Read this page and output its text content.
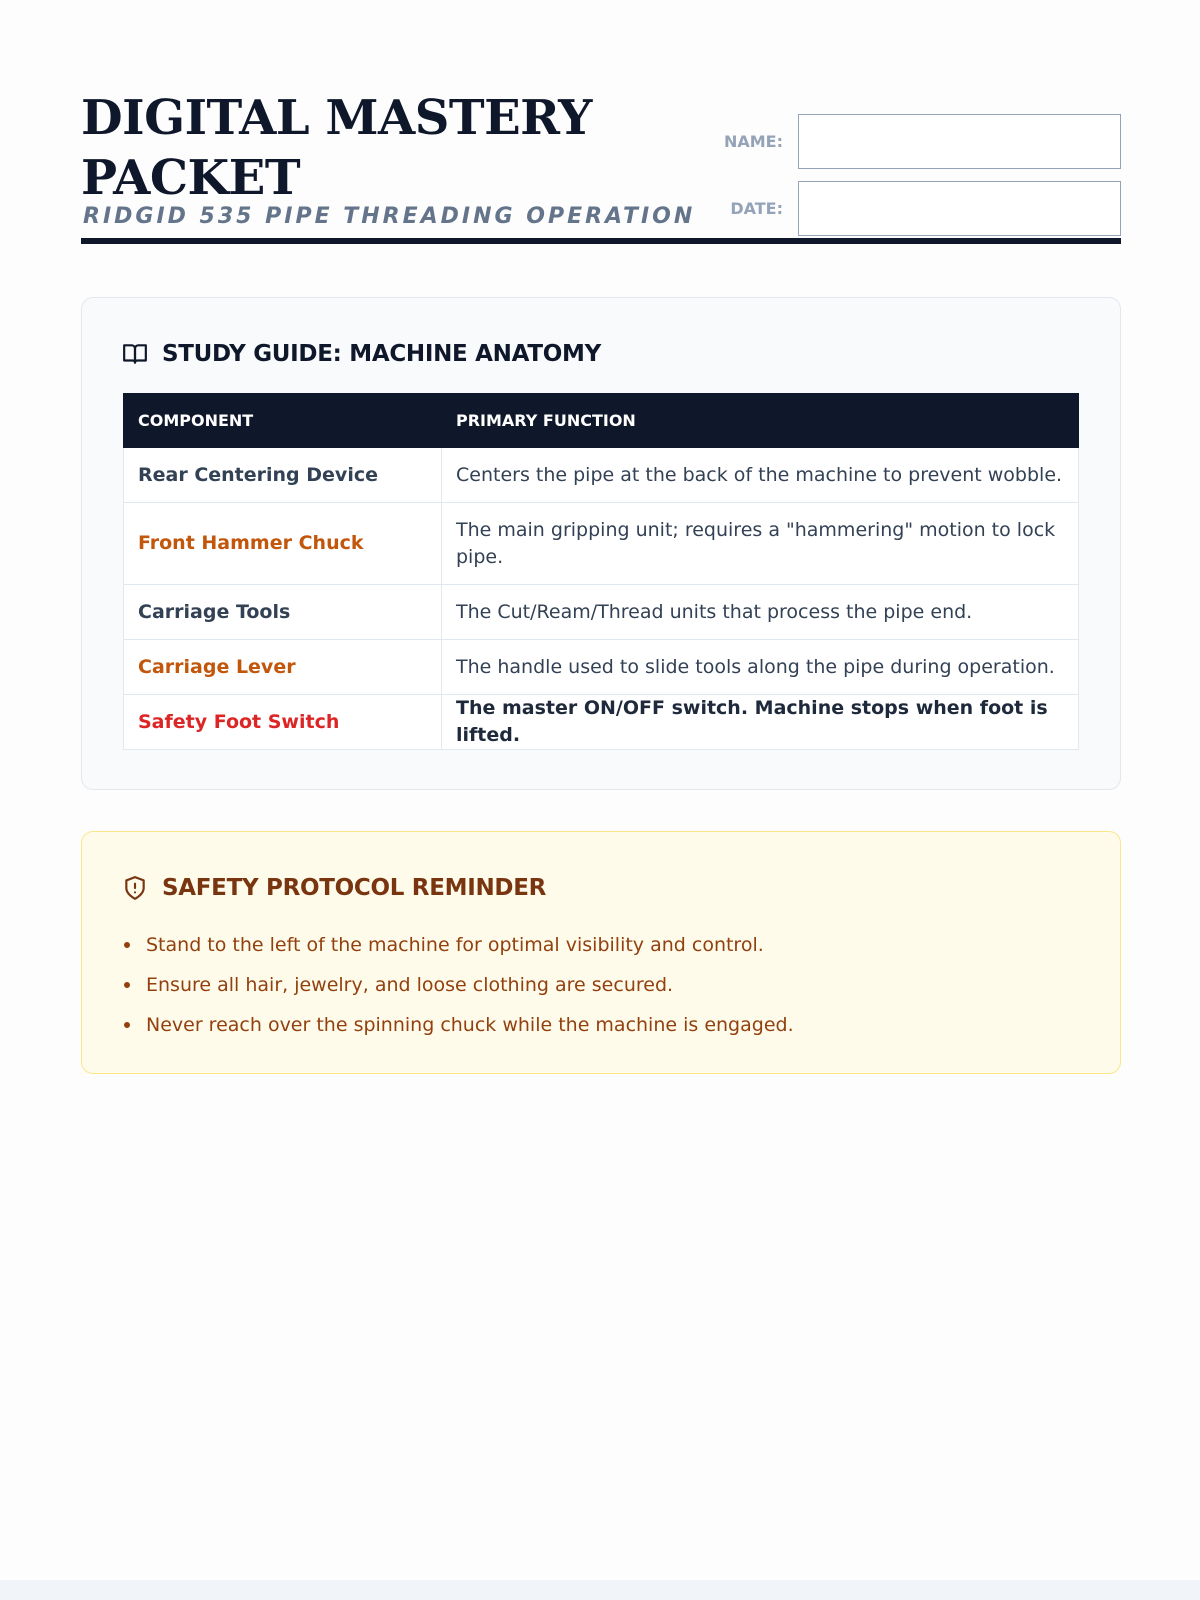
DIGITAL MASTERY
PACKET
RIDGID 535 PIPE THREADING OPERATION
NAME:
DATE:
STUDY GUIDE: MACHINE ANATOMY
COMPONENT	PRIMARY FUNCTION
Rear Centering Device	Centers the pipe at the back of the machine to prevent wobble.
Front Hammer Chuck	The main gripping unit; requires a "hammering" motion to lock pipe.
Carriage Tools	The Cut/Ream/Thread units that process the pipe end.
Carriage Lever	The handle used to slide tools along the pipe during operation.
Safety Foot Switch	The master ON/OFF switch. Machine stops when foot is lifted.
SAFETY PROTOCOL REMINDER
Stand to the left of the machine for optimal visibility and control.
Ensure all hair, jewelry, and loose clothing are secured.
Never reach over the spinning chuck while the machine is engaged.
